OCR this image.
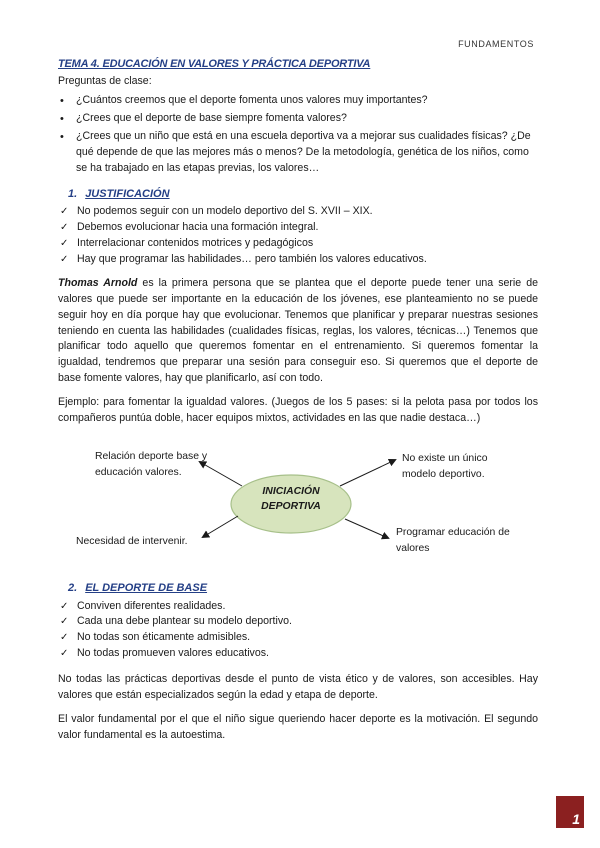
FUNDAMENTOS
TEMA 4. EDUCACIÓN EN VALORES Y PRÁCTICA DEPORTIVA

Preguntas de clase:

• ¿Cuántos creemos que el deporte fomenta unos valores muy importantes?
• ¿Crees que el deporte de base siempre fomenta valores?
• ¿Crees que un niño que está en una escuela deportiva va a mejorar sus cualidades físicas? ¿De qué depende de que las mejores más o menos? De la metodología, genética de los niños, como se ha trabajado en las etapas previas, los valores…
1. JUSTIFICACIÓN
✓ No podemos seguir con un modelo deportivo del S. XVII – XIX.
✓ Debemos evolucionar hacia una formación integral.
✓ Interrelacionar contenidos motrices y pedagógicos
✓ Hay que programar las habilidades… pero también los valores educativos.

Thomas Arnold es la primera persona que se plantea que el deporte puede tener una serie de valores que puede ser importante en la educación de los jóvenes, ese planteamiento no se puede seguir hoy en día porque hay que evolucionar. Tenemos que planificar y preparar nuestras sesiones teniendo en cuenta las habilidades (cualidades físicas, reglas, los valores, técnicas…) Tenemos que planificar todo aquello que queremos fomentar en el entrenamiento. Si queremos fomentar la igualdad, tendremos que preparar una sesión para conseguir eso. Si queremos que el deporte de base fomente valores, hay que planificarlo, así con todo.

Ejemplo: para fomentar la igualdad valores. (Juegos de los 5 pases: si la pelota pasa por todos los compañeros puntúa doble, hacer equipos mixtos, actividades en las que nadie destaca…)

INICIACIÓN
DEPORTIVA
Relación deporte base y
educación valores.
No existe un único
modelo deportivo.
Necesidad de intervenir.
Programar educación de
valores
2. EL DEPORTE DE BASE
✓ Conviven diferentes realidades.
✓ Cada una debe plantear su modelo deportivo.
✓ No todas son éticamente admisibles.
✓ No todas promueven valores educativos.

No todas las prácticas deportivas desde el punto de vista ético y de valores, son accesibles. Hay valores que están especializados según la edad y etapa de deporte.

El valor fundamental por el que el niño sigue queriendo hacer deporte es la motivación. El segundo valor fundamental es la autoestima.

1
